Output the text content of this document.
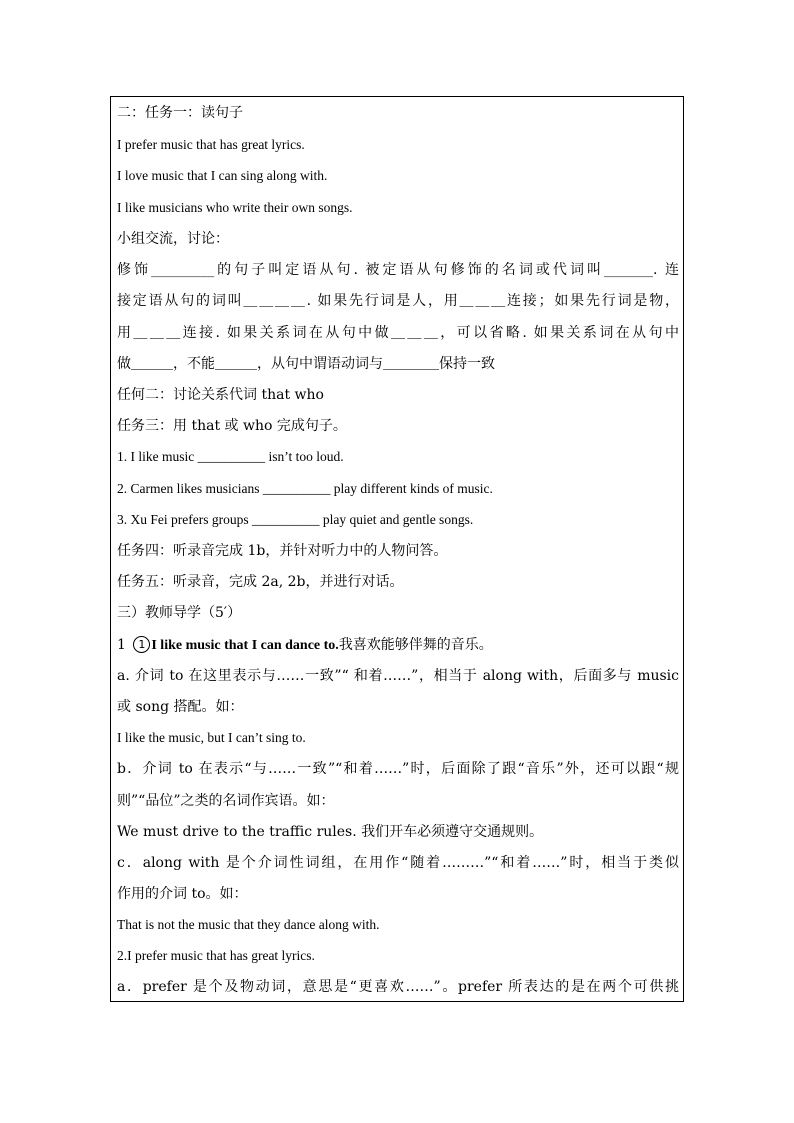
二：任务一：读句子
I prefer music that has great lyrics.
I love music that I can sing along with.
I like musicians who write their own songs.
小组交流，讨论：
修饰_________的句子叫定语从句. 被定语从句修饰的名词或代词叫_______. 连
接定语从句的词叫＿＿＿＿. 如果先行词是人，用＿＿＿连接；如果先行词是物，
用＿＿＿连接. 如果关系词在从句中做＿＿＿，可以省略. 如果关系词在从句中
做＿＿＿，不能＿＿＿，从句中谓语动词与＿＿＿＿保持一致
任何二：讨论关系代词 that who
任务三：用 that 或 who 完成句子。
1. I like music __________ isn’t too loud.
2. Carmen likes musicians __________ play different kinds of music.
3. Xu Fei prefers groups __________ play quiet and gentle songs.
任务四：听录音完成 1b，并针对听力中的人物问答。
任务五：听录音，完成 2a, 2b，并进行对话。
三）教师导学（5′）
1 1 I like music that I can dance to.我喜欢能够伴舞的音乐。
a. 介词 to 在这里表示与……一致”“ 和着……”，相当于 along with，后面多与 music
或 song 搭配。如：
I like the music, but I can’t sing to.
b．介词 to 在表示“与……一致”“和着……”时，后面除了跟“音乐”外，还可以跟“规
则”“品位”之类的名词作宾语。如：
We must drive to the traffic rules. 我们开车必须遵守交通规则。
c．along with 是个介词性词组，在用作“随着………”“和着……”时，相当于类似
作用的介词 to。如：
That is not the music that they dance along with.
2.I prefer music that has great lyrics.
a．prefer 是个及物动词，意思是“更喜欢……”。prefer 所表达的是在两个可供挑
